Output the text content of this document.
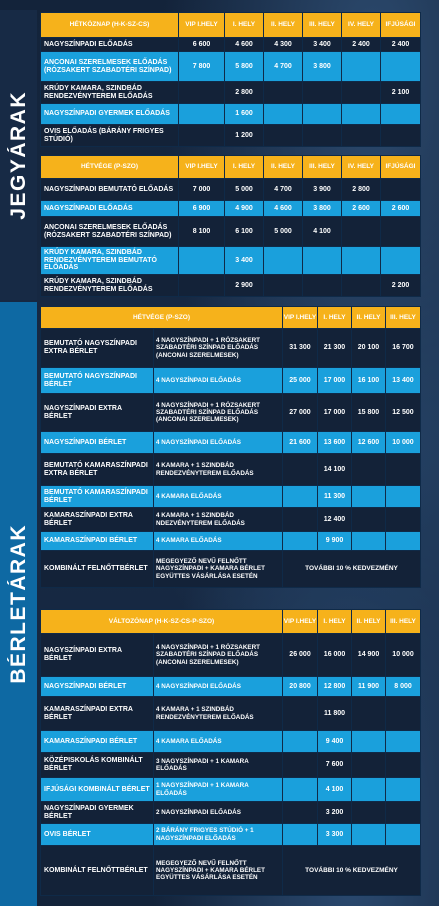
JEGYÁRAK
BÉRLETÁRAK
HÉTKÖZNAP (H-K-SZ-CS)	VIP I.HELY	I. HELY	II. HELY	III. HELY	IV. HELY	IFJÚSÁGI
NAGYSZÍNPADI ELŐADÁS	6 600	4 600	4 300	3 400	2 400	2 400
ANCONAI SZERELMESEK ELŐADÁS (RÓZSAKERT SZABADTÉRI SZÍNPAD)	7 800	5 800	4 700	3 800		
KRÚDY KAMARA, SZINDBÁD RENDEZVÉNYTEREM ELŐADÁS		2 800				2 100
NAGYSZÍNPADI GYERMEK ELŐADÁS		1 600				
OVIS ELŐADÁS (BÁRÁNY FRIGYES STÚDIÓ)		1 200				
HÉTVÉGE (P-SZO)	VIP I.HELY	I. HELY	II. HELY	III. HELY	IV. HELY	IFJÚSÁGI
NAGYSZÍNPADI BEMUTATÓ ELŐADÁS	7 000	5 000	4 700	3 900	2 800	
NAGYSZÍNPADI ELŐADÁS	6 900	4 900	4 600	3 800	2 600	2 600
ANCONAI SZERELMESEK ELŐADÁS (RÓZSAKERT SZABADTÉRI SZÍNPAD)	8 100	6 100	5 000	4 100		
KRÚDY KAMARA, SZINDBÁD RENDEZVÉNYTEREM BEMUTATÓ ELŐADÁS		3 400				
KRÚDY KAMARA, SZINDBÁD RENDEZVÉNYTEREM ELŐADÁS		2 900				2 200
HÉTVÉGE (P-SZO)		VIP I.HELY	I. HELY	II. HELY	III. HELY
BEMUTATÓ NAGYSZÍNPADI EXTRA BÉRLET	4 NAGYSZÍNPADI + 1 RÓZSAKERT SZABADTÉRI SZÍNPAD ELŐADÁS (ANCONAI SZERELMESEK)	31 300	21 300	20 100	16 700
BEMUTATÓ NAGYSZÍNPADI BÉRLET	4 NAGYSZÍNPADI ELŐADÁS	25 000	17 000	16 100	13 400
NAGYSZÍNPADI EXTRA BÉRLET	4 NAGYSZÍNPADI + 1 RÓZSAKERT SZABADTÉRI SZÍNPAD ELŐADÁS (ANCONAI SZERELMESEK)	27 000	17 000	15 800	12 500
NAGYSZÍNPADI BÉRLET	4 NAGYSZÍNPADI ELŐADÁS	21 600	13 600	12 600	10 000
BEMUTATÓ KAMARASZÍNPADI EXTRA BÉRLET	4 KAMARA + 1 SZINDBÁD RENDEZVÉNYTEREM ELŐADÁS		14 100		
BEMUTATÓ KAMARASZÍNPADI BÉRLET	4 KAMARA ELŐADÁS		11 300		
KAMARASZÍNPADI EXTRA BÉRLET	4 KAMARA + 1 SZINDBÁD NDEZVÉNYTEREM ELŐADÁS		12 400		
KAMARASZÍNPADI BÉRLET	4 KAMARA ELŐADÁS		9 900		
KOMBINÁLT FELNŐTTBÉRLET	MEGEGYEZŐ NEVŰ FELNŐTT NAGYSZÍNPADI + KAMARA BÉRLET EGYÜTTES VÁSÁRLÁSA ESETÉN	TOVÁBBI 10 % KEDVEZMÉNY			
VÁLTOZÓNAP (H-K-SZ-CS-P-SZO)		VIP I.HELY	I. HELY	II. HELY	III. HELY
NAGYSZÍNPADI EXTRA BÉRLET	4 NAGYSZÍNPADI + 1 RÓZSAKERT SZABADTÉRI SZÍNPAD ELŐADÁS (ANCONAI SZERELMESEK)	26 000	16 000	14 900	10 000
NAGYSZÍNPADI BÉRLET	4 NAGYSZÍNPADI ELŐADÁS	20 800	12 800	11 900	8 000
KAMARASZÍNPADI EXTRA BÉRLET	4 KAMARA + 1 SZINDBÁD RENDEZVÉNYTEREM ELŐADÁS		11 800		
KAMARASZÍNPADI BÉRLET	4 KAMARA ELŐADÁS		9 400		
KÖZÉPISKOLÁS KOMBINÁLT BÉRLET	3 NAGYSZÍNPADI + 1 KAMARA ELŐADÁS		7 600		
IFJÚSÁGI KOMBINÁLT BÉRLET	1 NAGYSZÍNPADI + 1 KAMARA ELŐADÁS		4 100		
NAGYSZÍNPADI GYERMEK BÉRLET	2 NAGYSZÍNPADI ELŐADÁS		3 200		
OVIS BÉRLET	2 BÁRÁNY FRIGYES STÚDIÓ + 1 NAGYSZÍNPADI ELŐADÁS		3 300		
KOMBINÁLT FELNŐTTBÉRLET	MEGEGYEZŐ NEVŰ FELNŐTT NAGYSZÍNPADI + KAMARA BÉRLET EGYÜTTES VÁSÁRLÁSA ESETÉN	TOVÁBBI 10 % KEDVEZMÉNY			
